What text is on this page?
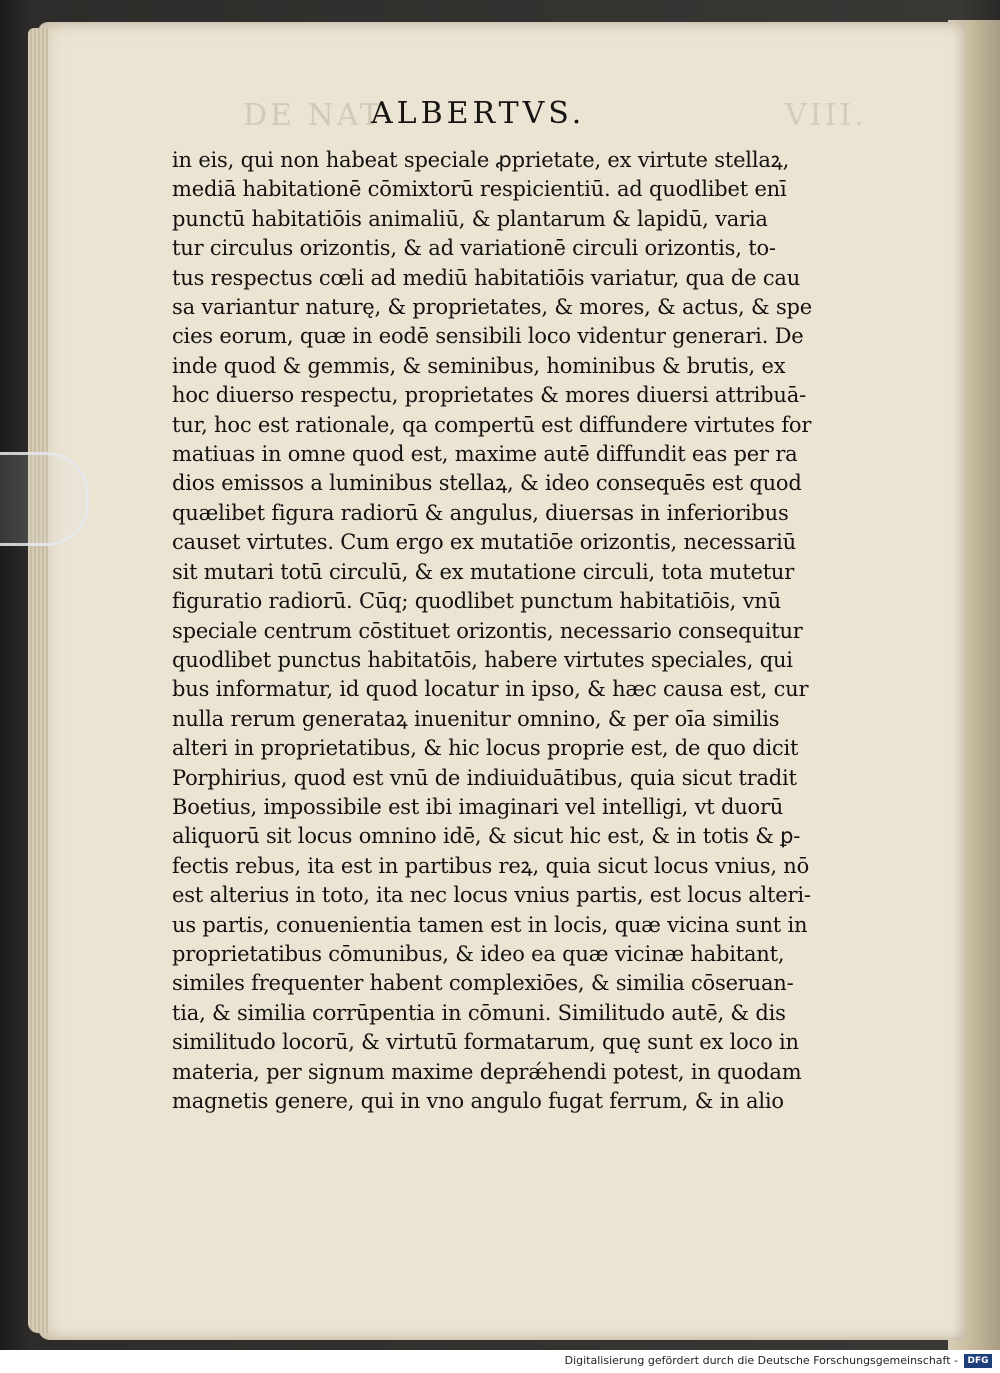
DE NAT
ALBERTVS.	VIII.
in eis, qui non habeat speciale ꝓprietate, ex virtute stellaꝝ,
mediā habitationē cōmixtorū respicientiū. ad quodlibet enī
punctū habitatiōis animaliū, & plantarum & lapidū, varia
tur circulus orizontis, & ad variationē circuli orizontis, to-
tus respectus cœli ad mediū habitatiōis variatur, qua de cau
sa variantur naturę, & proprietates, & mores, & actus, & spe
cies eorum, quæ in eodē sensibili loco videntur generari. De
inde quod & gemmis, & seminibus, hominibus & brutis, ex
hoc diuerso respectu, proprietates & mores diuersi attribuā-
tur, hoc est rationale, qa compertū est diffundere virtutes for
matiuas in omne quod est, maxime autē diffundit eas per ra
dios emissos a luminibus stellaꝝ, & ideo consequēs est quod
quælibet figura radiorū & angulus, diuersas in inferioribus
causet virtutes. Cum ergo ex mutatiōe orizontis, necessariū
sit mutari totū circulū, & ex mutatione circuli, tota mutetur
figuratio radiorū. Cūq; quodlibet punctum habitatiōis, vnū
speciale centrum cōstituet orizontis, necessario consequitur
quodlibet punctus habitatōis, habere virtutes speciales, qui
bus informatur, id quod locatur in ipso, & hæc causa est, cur
nulla rerum generataꝝ inuenitur omnino, & per oīa similis
alteri in proprietatibus, & hic locus proprie est, de quo dicit
Porphirius, quod est vnū de indiuiduātibus, quia sicut tradit
Boetius, impossibile est ibi imaginari vel intelligi, vt duorū
aliquorū sit locus omnino idē, & sicut hic est, & in totis & ꝑ-
fectis rebus, ita est in partibus reꝝ, quia sicut locus vnius, nō
est alterius in toto, ita nec locus vnius partis, est locus alteri-
us partis, conuenientia tamen est in locis, quæ vicina sunt in
proprietatibus cōmunibus, & ideo ea quæ vicinæ habitant,
similes frequenter habent complexiōes, & similia cōseruan-
tia, & similia corrūpentia in cōmuni. Similitudo autē, & dis
similitudo locorū, & virtutū formatarum, quę sunt ex loco in
materia, per signum maxime deprǽhendi potest, in quodam
magnetis genere, qui in vno angulo fugat ferrum, & in alio
Digitalisierung gefördert durch die Deutsche Forschungsgemeinschaft -	DFG
